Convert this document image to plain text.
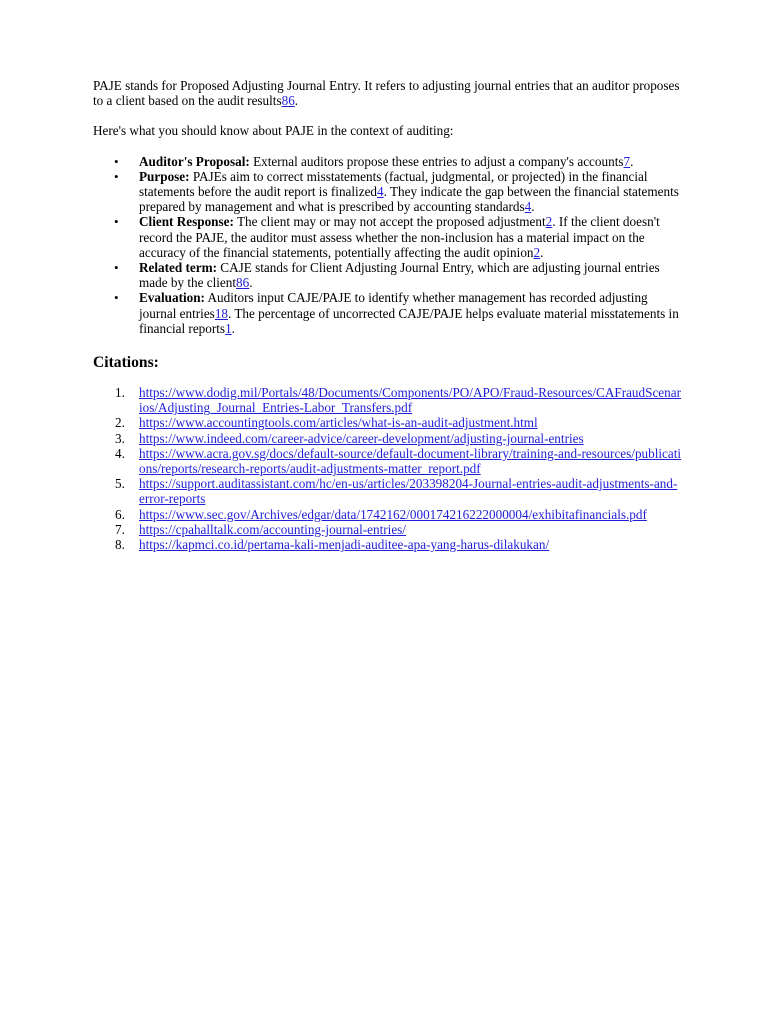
PAJE stands for Proposed Adjusting Journal Entry. It refers to adjusting journal entries that an auditor proposes to a client based on the audit results86.

Here's what you should know about PAJE in the context of auditing:

• Auditor's Proposal: External auditors propose these entries to adjust a company's accounts7.
• Purpose: PAJEs aim to correct misstatements (factual, judgmental, or projected) in the financial statements before the audit report is finalized4. They indicate the gap between the financial statements prepared by management and what is prescribed by accounting standards4.
• Client Response: The client may or may not accept the proposed adjustment2. If the client doesn't record the PAJE, the auditor must assess whether the non-inclusion has a material impact on the accuracy of the financial statements, potentially affecting the audit opinion2.
• Related term: CAJE stands for Client Adjusting Journal Entry, which are adjusting journal entries made by the client86.
• Evaluation: Auditors input CAJE/PAJE to identify whether management has recorded adjusting journal entries18. The percentage of uncorrected CAJE/PAJE helps evaluate material misstatements in financial reports1.
Citations:
1. https://www.dodig.mil/Portals/48/Documents/Components/PO/APO/Fraud-Resources/CAFraudScenarios/Adjusting_Journal_Entries-Labor_Transfers.pdf
2. https://www.accountingtools.com/articles/what-is-an-audit-adjustment.html
3. https://www.indeed.com/career-advice/career-development/adjusting-journal-entries
4. https://www.acra.gov.sg/docs/default-source/default-document-library/training-and-resources/publications/reports/research-reports/audit-adjustments-matter_report.pdf
5. https://support.auditassistant.com/hc/en-us/articles/203398204-Journal-entries-audit-adjustments-and-error-reports
6. https://www.sec.gov/Archives/edgar/data/1742162/000174216222000004/exhibitafinancials.pdf
7. https://cpahalltalk.com/accounting-journal-entries/
8. https://kapmci.co.id/pertama-kali-menjadi-auditee-apa-yang-harus-dilakukan/
